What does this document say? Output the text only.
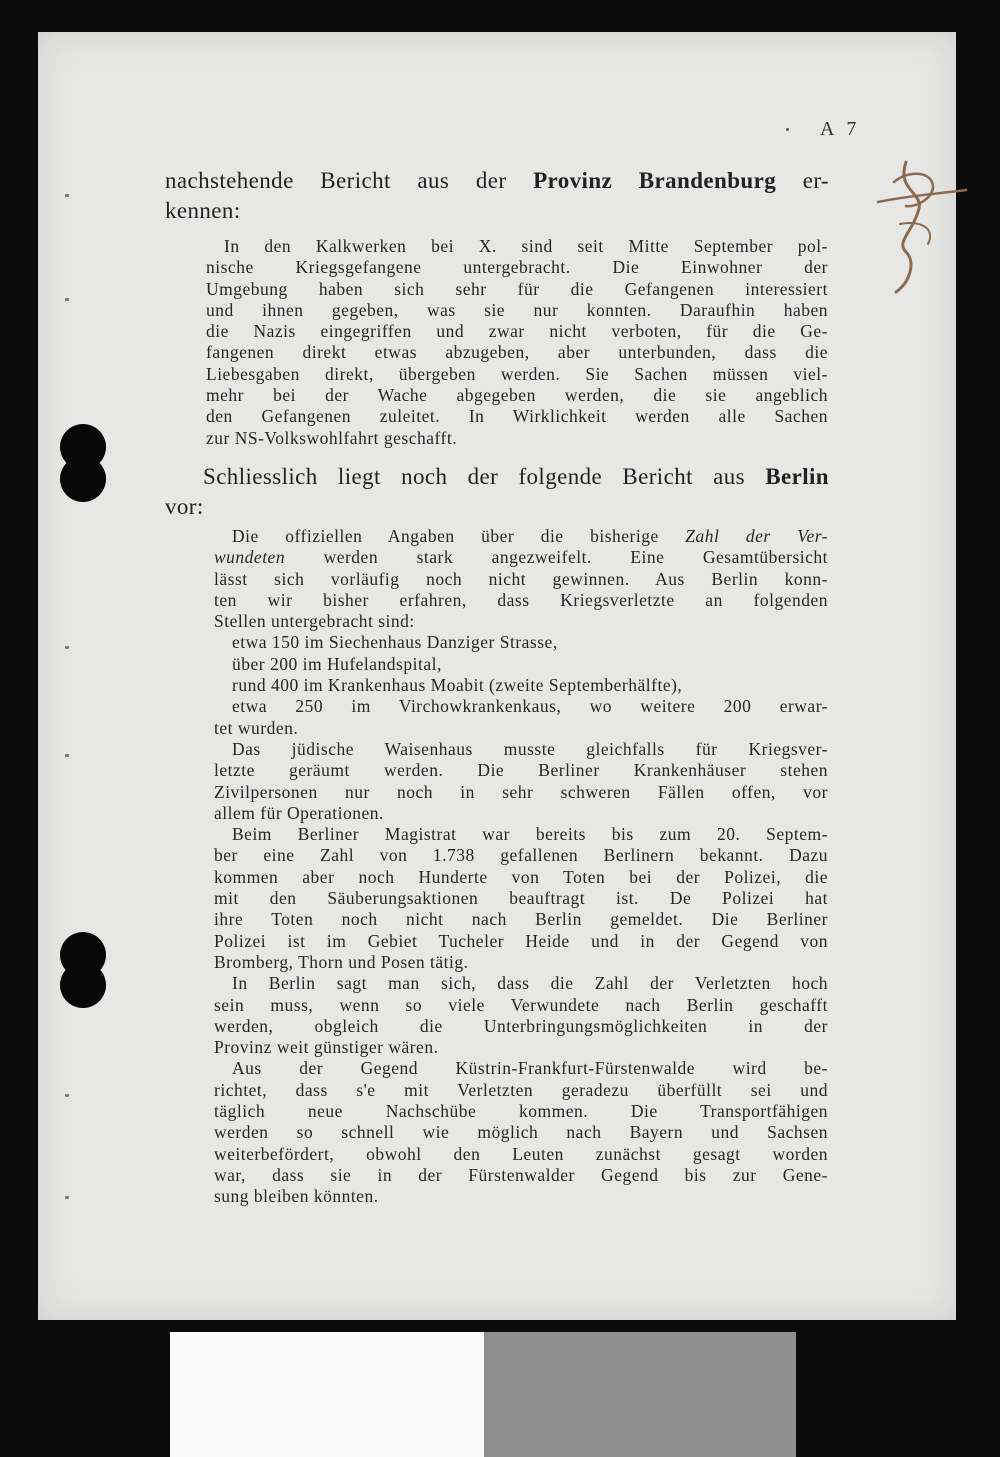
A 7
nachstehende Bericht aus der Provinz Brandenburg er-
kennen:
In den Kalkwerken bei X. sind seit Mitte September pol-
nische Kriegsgefangene untergebracht. Die Einwohner der
Umgebung haben sich sehr für die Gefangenen interessiert
und ihnen gegeben, was sie nur konnten. Daraufhin haben
die Nazis eingegriffen und zwar nicht verboten, für die Ge-
fangenen direkt etwas abzugeben, aber unterbunden, dass die
Liebesgaben direkt, übergeben werden. Sie Sachen müssen viel-
mehr bei der Wache abgegeben werden, die sie angeblich
den Gefangenen zuleitet. In Wirklichkeit werden alle Sachen
zur NS-Volkswohlfahrt geschafft.
Schliesslich liegt noch der folgende Bericht aus Berlin
vor:
Die offiziellen Angaben über die bisherige Zahl der Ver-
wundeten werden stark angezweifelt. Eine Gesamtübersicht
lässt sich vorläufig noch nicht gewinnen. Aus Berlin konn-
ten wir bisher erfahren, dass Kriegsverletzte an folgenden
Stellen untergebracht sind:
etwa 150 im Siechenhaus Danziger Strasse,
über 200 im Hufelandspital,
rund 400 im Krankenhaus Moabit (zweite Septemberhälfte),
etwa 250 im Virchowkrankenkaus, wo weitere 200 erwar-
tet wurden.
Das jüdische Waisenhaus musste gleichfalls für Kriegsver-
letzte geräumt werden. Die Berliner Krankenhäuser stehen
Zivilpersonen nur noch in sehr schweren Fällen offen, vor
allem für Operationen.
Beim Berliner Magistrat war bereits bis zum 20. Septem-
ber eine Zahl von 1.738 gefallenen Berlinern bekannt. Dazu
kommen aber noch Hunderte von Toten bei der Polizei, die
mit den Säuberungsaktionen beauftragt ist. De Polizei hat
ihre Toten noch nicht nach Berlin gemeldet. Die Berliner
Polizei ist im Gebiet Tucheler Heide und in der Gegend von
Bromberg, Thorn und Posen tätig.
In Berlin sagt man sich, dass die Zahl der Verletzten hoch
sein muss, wenn so viele Verwundete nach Berlin geschafft
werden, obgleich die Unterbringungsmöglichkeiten in der
Provinz weit günstiger wären.
Aus der Gegend Küstrin-Frankfurt-Fürstenwalde wird be-
richtet, dass s'e mit Verletzten geradezu überfüllt sei und
täglich neue Nachschübe kommen. Die Transportfähigen
werden so schnell wie möglich nach Bayern und Sachsen
weiterbefördert, obwohl den Leuten zunächst gesagt worden
war, dass sie in der Fürstenwalder Gegend bis zur Gene-
sung bleiben könnten.
